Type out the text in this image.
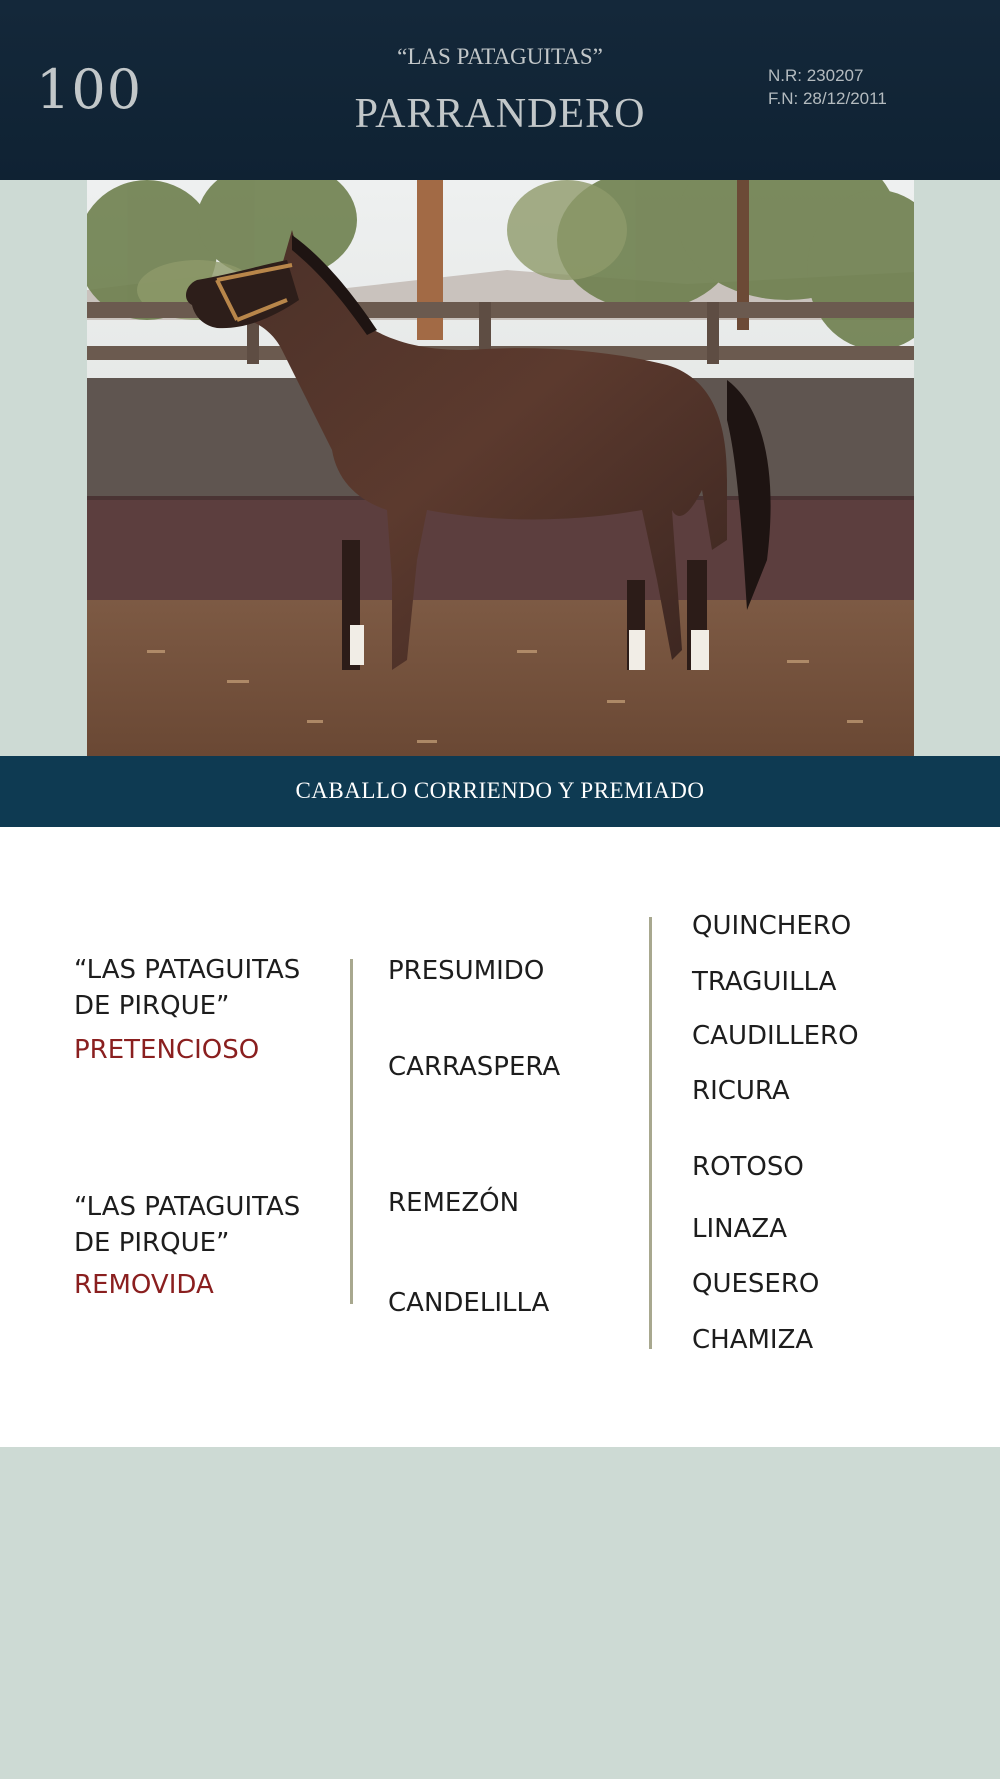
100
“LAS PATAGUITAS”
PARRANDERO
N.R: 230207
F.N: 28/12/2011
CABALLO CORRIENDO Y PREMIADO
“LAS PATAGUITAS
DE PIRQUE”
PRETENCIOSO
“LAS PATAGUITAS
DE PIRQUE”
REMOVIDA
PRESUMIDO
CARRASPERA
REMEZÓN
CANDELILLA
QUINCHERO
TRAGUILLA
CAUDILLERO
RICURA
ROTOSO
LINAZA
QUESERO
CHAMIZA
